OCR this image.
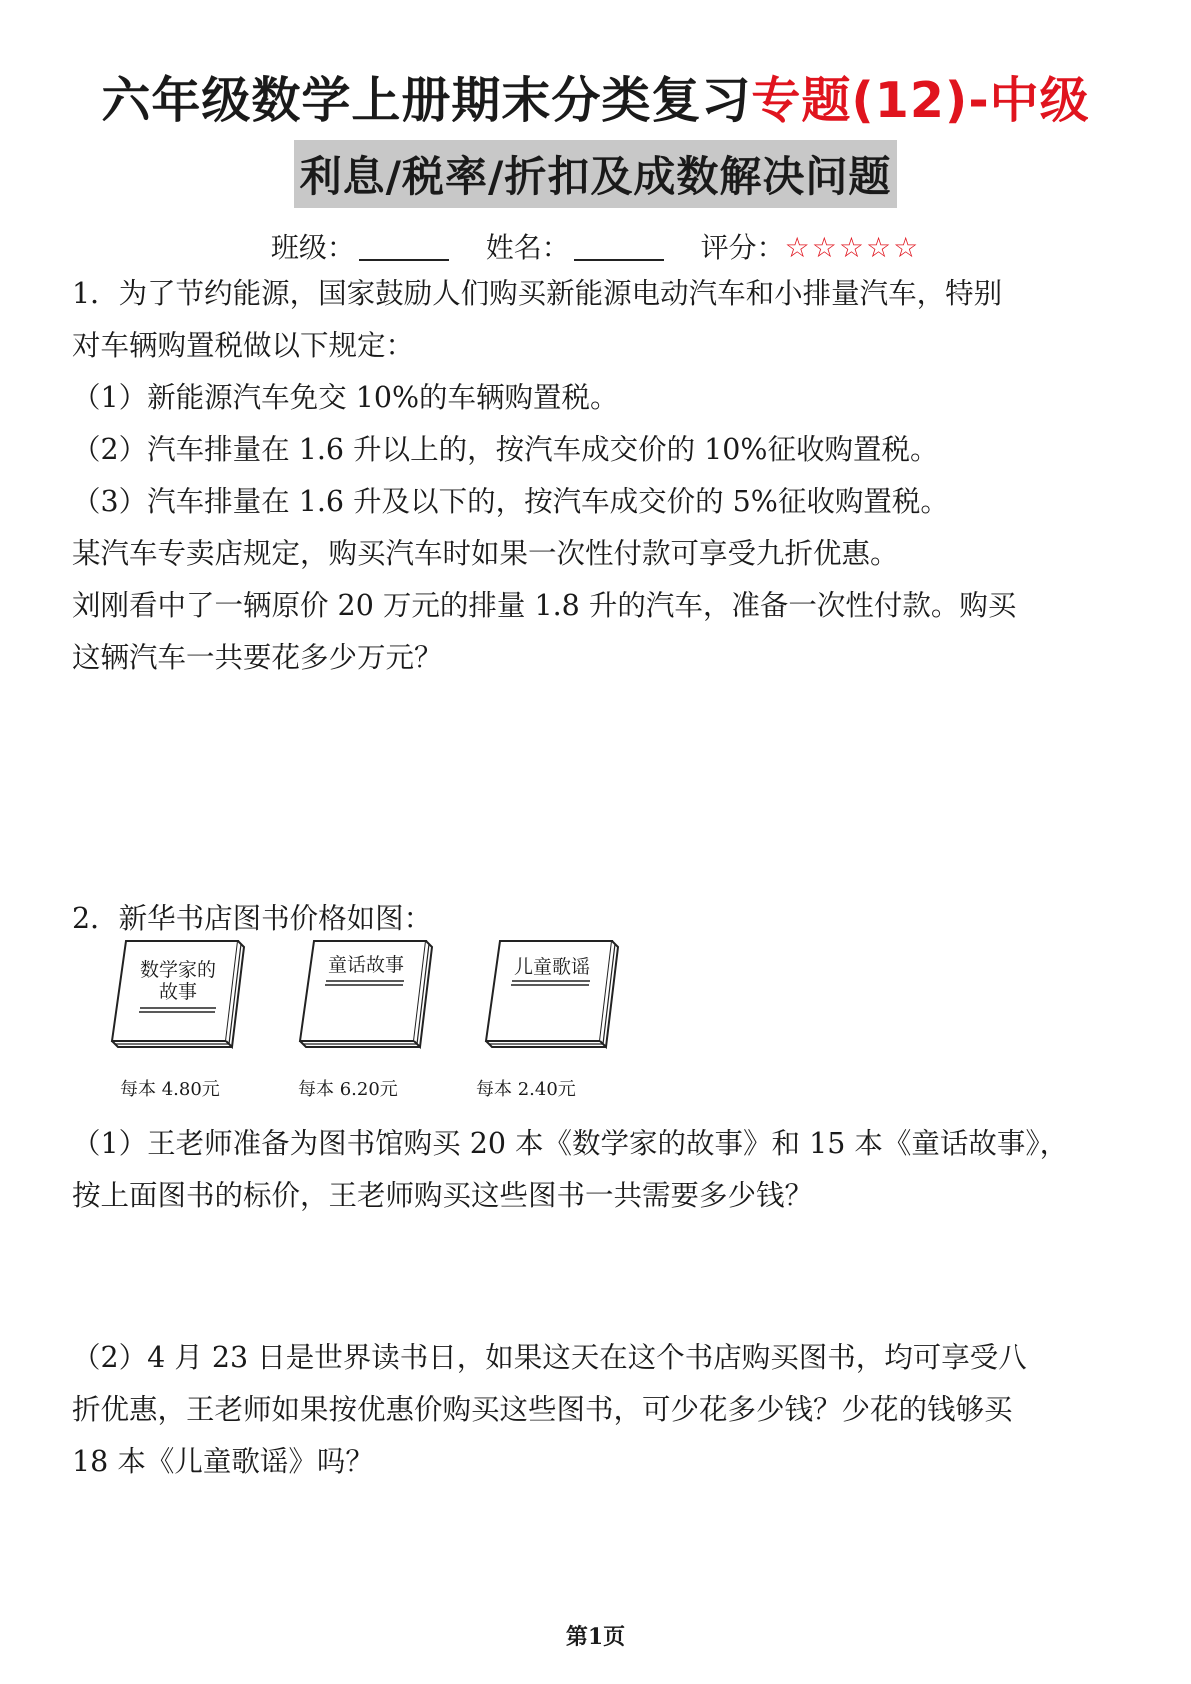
六年级数学上册期末分类复习专题(12)-中级
利息/税率/折扣及成数解决问题
班级：	姓名：	评分：☆☆☆☆☆
1．为了节约能源，国家鼓励人们购买新能源电动汽车和小排量汽车，特别
对车辆购置税做以下规定：
（1）新能源汽车免交 10%的车辆购置税。
（2）汽车排量在 1.6 升以上的，按汽车成交价的 10%征收购置税。
（3）汽车排量在 1.6 升及以下的，按汽车成交价的 5%征收购置税。
某汽车专卖店规定，购买汽车时如果一次性付款可享受九折优惠。
刘刚看中了一辆原价 20 万元的排量 1.8 升的汽车，准备一次性付款。购买
这辆汽车一共要花多少万元？
2．新华书店图书价格如图：
数学家的
故事
每本 4.80元
童话故事
每本 6.20元
儿童歌谣
每本 2.40元
（1）王老师准备为图书馆购买 20 本《数学家的故事》和 15 本《童话故事》，
按上面图书的标价，王老师购买这些图书一共需要多少钱？
（2）4 月 23 日是世界读书日，如果这天在这个书店购买图书，均可享受八
折优惠，王老师如果按优惠价购买这些图书，可少花多少钱？少花的钱够买
18 本《儿童歌谣》吗？
第1页
